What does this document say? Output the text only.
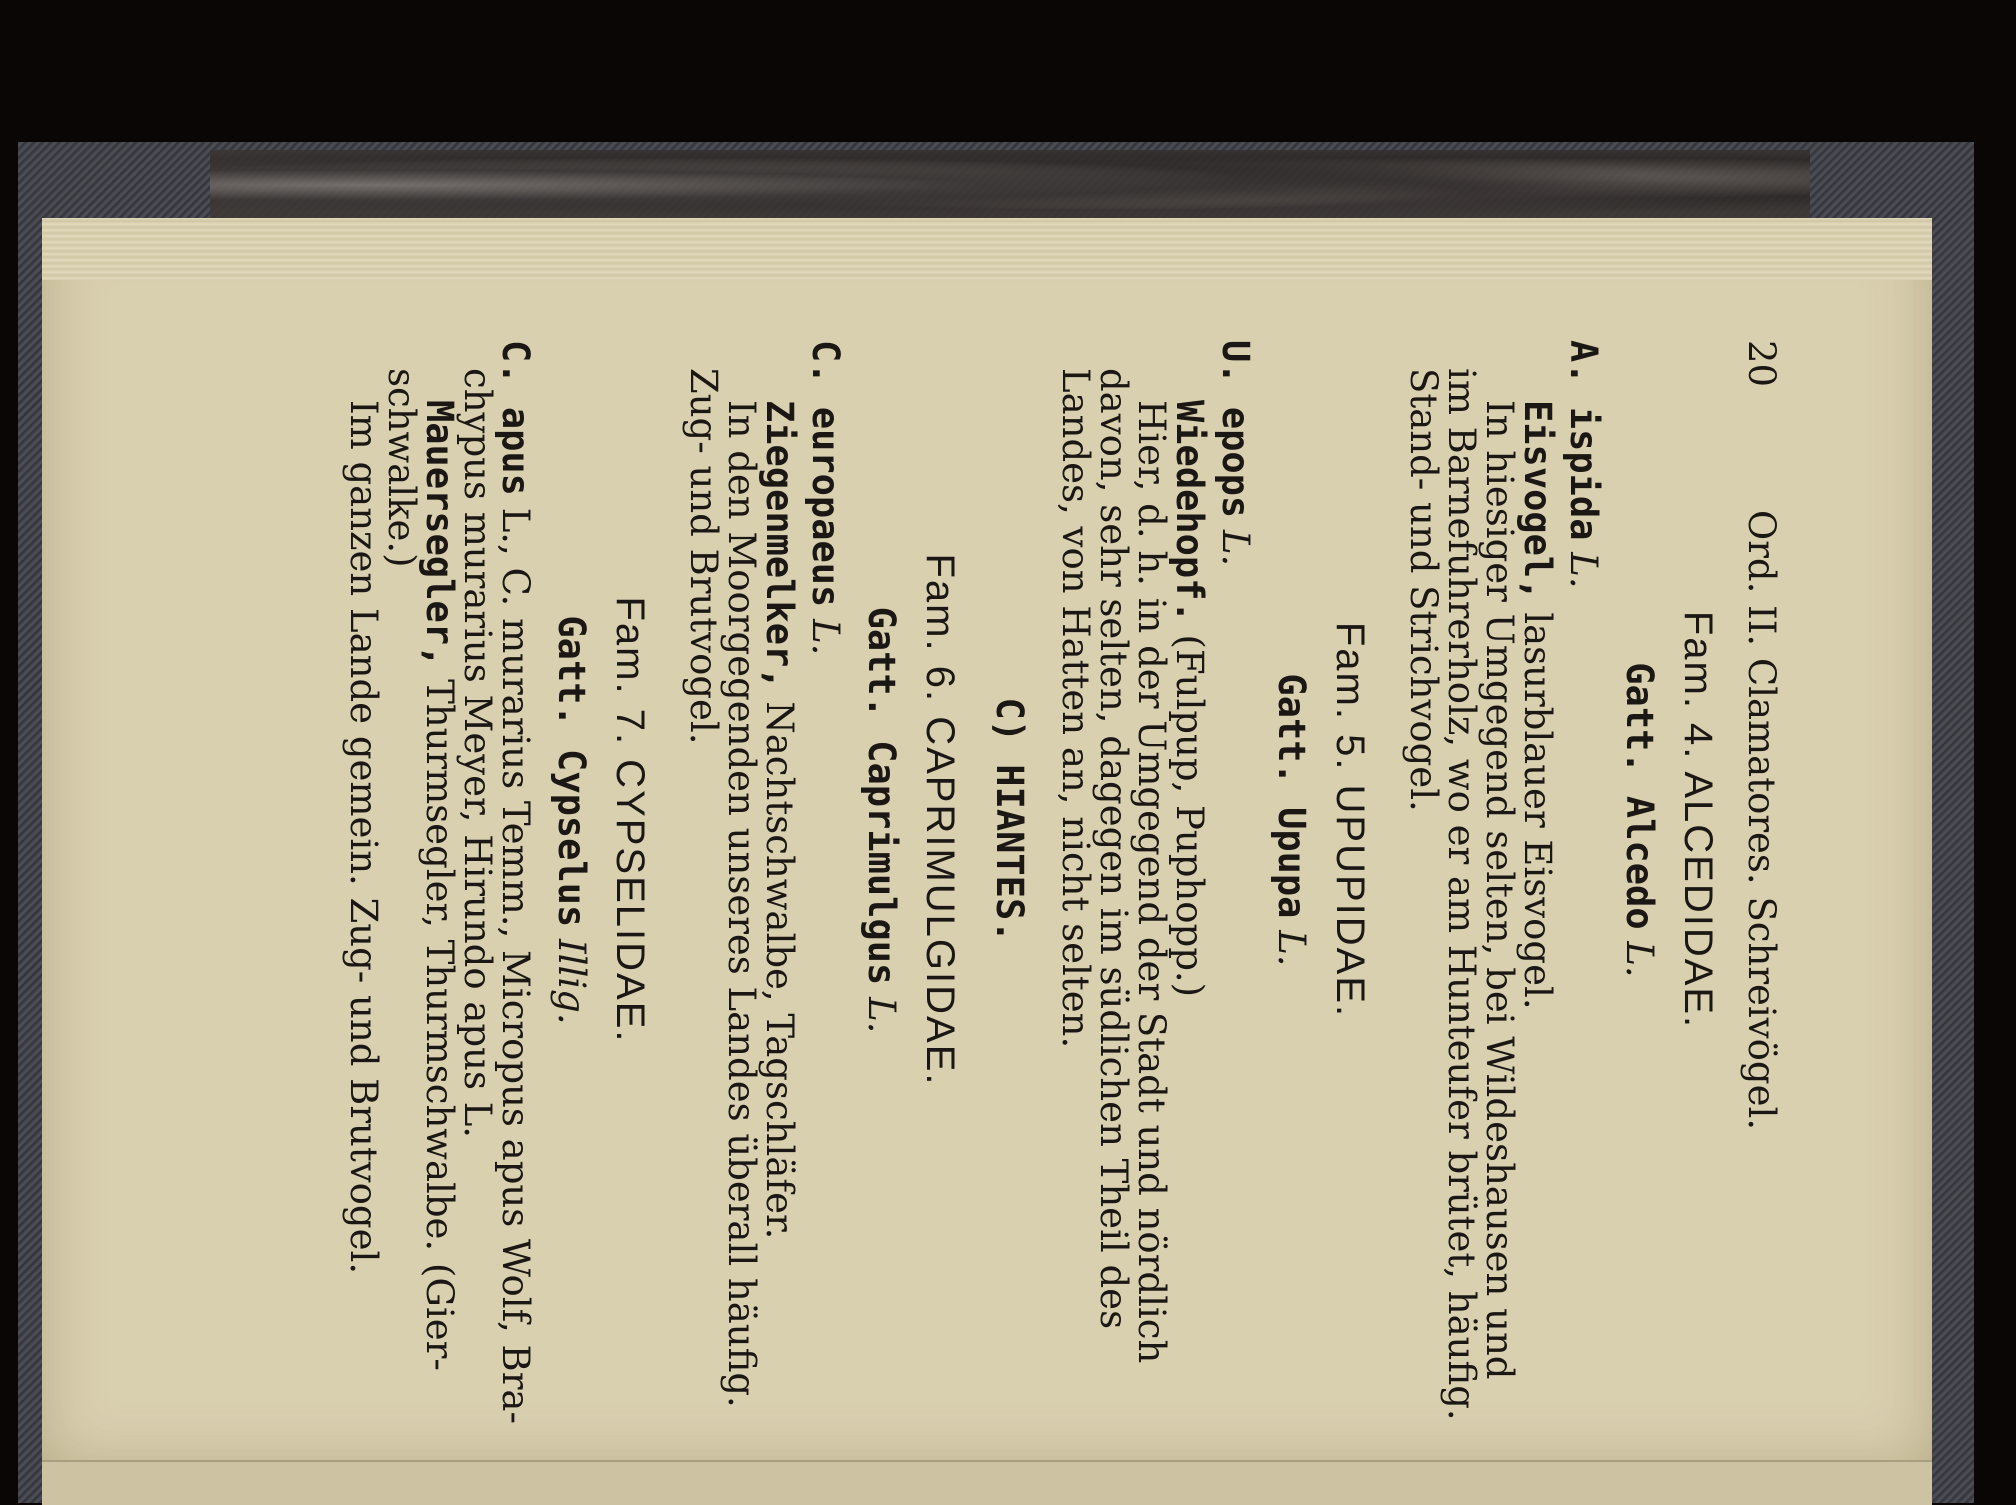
20
Ord. II. Clamatores. Schreivögel.
Fam. 4. ALCEDIDAE.
Gatt. Alcedo L.
A. ispida L.
Eisvogel, lasurblauer Eisvogel.
In hiesiger Umgegend selten, bei Wildeshausen und
im Barnefuhrerholz, wo er am Hunteufer brütet, häufig.
Stand- und Strichvogel.
Fam. 5. UPUPIDAE.
Gatt. Upupa L.
U. epops L.
Wiedehopf. (Fulpup, Puphopp.)
Hier, d. h. in der Umgegend der Stadt und nördlich
davon, sehr selten, dagegen im südlichen Theil des
Landes, von Hatten an, nicht selten.
C) HIANTES.
Fam. 6. CAPRIMULGIDAE.
Gatt. Caprimulgus L.
C. europaeus L.
Ziegenmelker, Nachtschwalbe, Tagschläfer.
In den Moorgegenden unseres Landes überall häufig.
Zug- und Brutvogel.
Fam. 7. CYPSELIDAE.
Gatt. Cypselus Illig.
C. apus L., C. murarius Temm., Micropus apus Wolf, Bra-
chypus murarius Meyer, Hirundo apus L.
Mauersegler, Thurmsegler, Thurmschwalbe. (Gier-
schwalke.)
Im ganzen Lande gemein. Zug- und Brutvogel.
